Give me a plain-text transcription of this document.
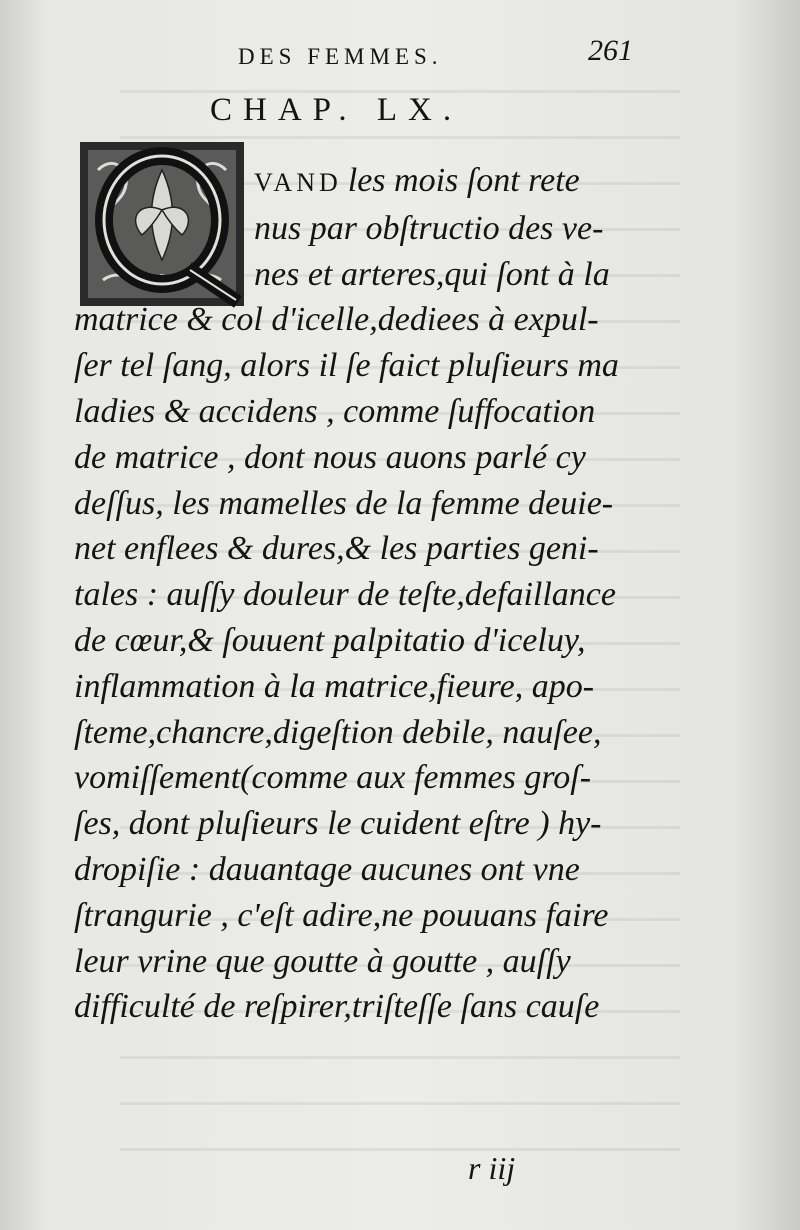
DES FEMMES.	261
CHAP. LX.
VAND les mois ſont rete
nus par obſtructio des ve-
nes et arteres,qui ſont à la
matrice & col d'icelle,dediees à expul-
ſer tel ſang, alors il ſe faict pluſieurs ma
ladies & accidens , comme ſuffocation
de matrice , dont nous auons parlé cy
deſſus, les mamelles de la femme deuie-
net enflees & dures,& les parties geni-
tales : auſſy douleur de teſte,defaillance
de cœur,& ſouuent palpitatio d'iceluy,
inflammation à la matrice,fieure, apo-
ſteme,chancre,digeſtion debile, nauſee,
vomiſſement(comme aux femmes groſ-
ſes, dont pluſieurs le cuident eſtre ) hy-
dropiſie : dauantage aucunes ont vne
ſtrangurie , c'eſt adire,ne pouuans faire
leur vrine que goutte à goutte , auſſy
difficulté de reſpirer,triſteſſe ſans cauſe
r iij
